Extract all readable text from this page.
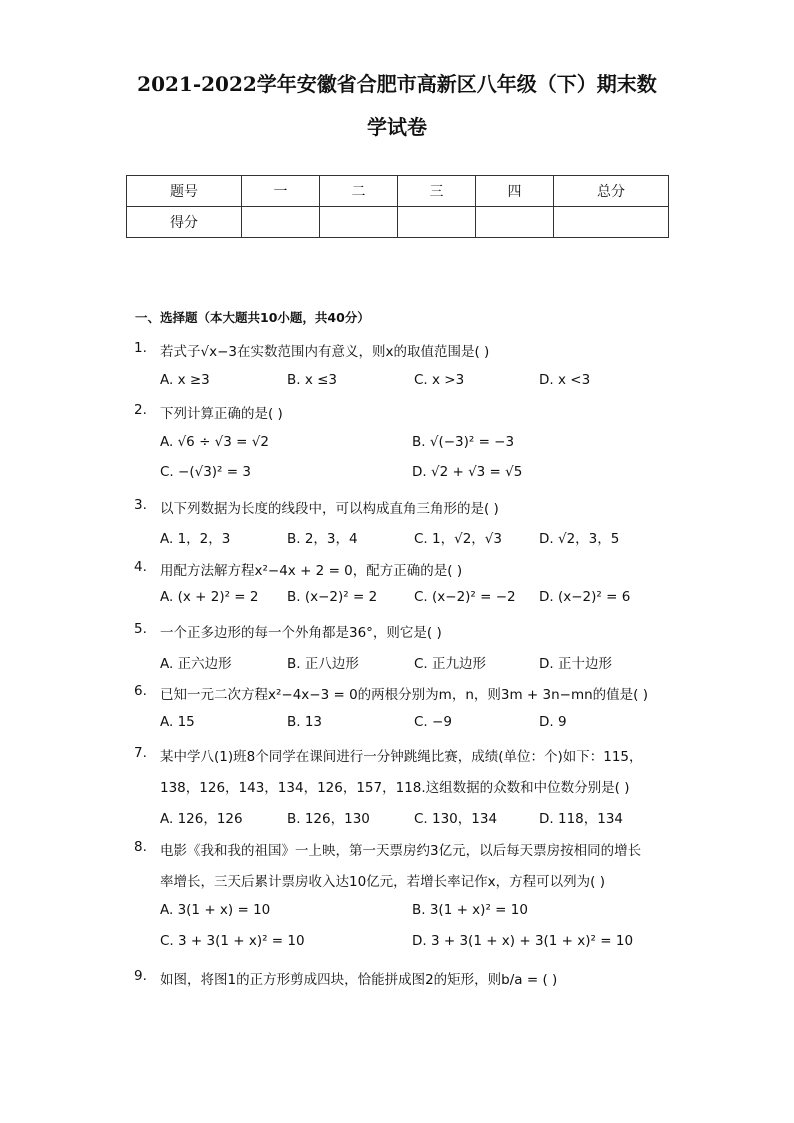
2021-2022学年安徽省合肥市高新区八年级（下）期末数
学试卷
题号	一	二	三	四	总分
得分					
一、选择题（本大题共10小题，共40分）
1. 若式子√x−3在实数范围内有意义，则x的取值范围是( )
A. x ≥3	B. x ≤3	C. x >3	D. x <3
2. 下列计算正确的是( )
A. √6 ÷ √3 = √2	B. √(−3)² = −3
C. −(√3)² = 3	D. √2 + √3 = √5
3. 以下列数据为长度的线段中，可以构成直角三角形的是( )
A. 1，2，3	B. 2，3，4	C. 1，√2，√3	D. √2，3，5
4. 用配方法解方程x²−4x + 2 = 0，配方正确的是( )
A. (x + 2)² = 2 B. (x−2)² = 2	C. (x−2)² = −2 D. (x−2)² = 6
5. 一个正多边形的每一个外角都是36°，则它是( )
A. 正六边形	B. 正八边形	C. 正九边形	D. 正十边形
6. 已知一元二次方程x²−4x−3 = 0的两根分别为m，n，则3m + 3n−mn的值是( )
A. 15	B. 13	C. −9	D. 9
7. 某中学八(1)班8个同学在课间进行一分钟跳绳比赛，成绩(单位：个)如下：115，
138，126，143，134，126，157，118.这组数据的众数和中位数分别是( )
A. 126，126	B. 126，130	C. 130，134	D. 118，134
8. 电影《我和我的祖国》一上映，第一天票房约3亿元，以后每天票房按相同的增长
率增长，三天后累计票房收入达10亿元，若增长率记作x，方程可以列为( )
A. 3(1 + x) = 10	B. 3(1 + x)² = 10
C. 3 + 3(1 + x)² = 10	D. 3 + 3(1 + x) + 3(1 + x)² = 10
9. 如图，将图1的正方形剪成四块，恰能拼成图2的矩形，则b/a = ( )
